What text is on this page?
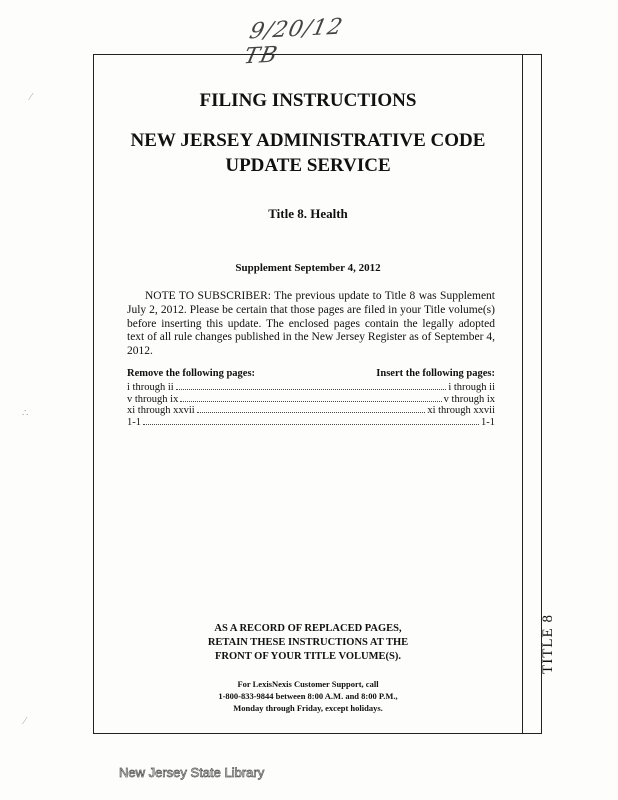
9/20/12 TB
TITLE 8
FILING INSTRUCTIONS
NEW JERSEY ADMINISTRATIVE CODE
UPDATE SERVICE
Title 8. Health
Supplement September 4, 2012
NOTE TO SUBSCRIBER: The previous update to Title 8 was Supplement July 2, 2012. Please be certain that those pages are filed in your Title volume(s) before inserting this update. The enclosed pages contain the legally adopted text of all rule changes published in the New Jersey Register as of September 4, 2012.
Remove the following pages:	Insert the following pages:
i through ii	i through ii
v through ix	v through ix
xi through xxvii	xi through xxvii
1-1	1-1
AS A RECORD OF REPLACED PAGES,
RETAIN THESE INSTRUCTIONS AT THE
FRONT OF YOUR TITLE VOLUME(S).
For LexisNexis Customer Support, call
1-800-833-9844 between 8:00 A.M. and 8:00 P.M.,
Monday through Friday, except holidays.
⁄
∴
⁄
New Jersey State Library
